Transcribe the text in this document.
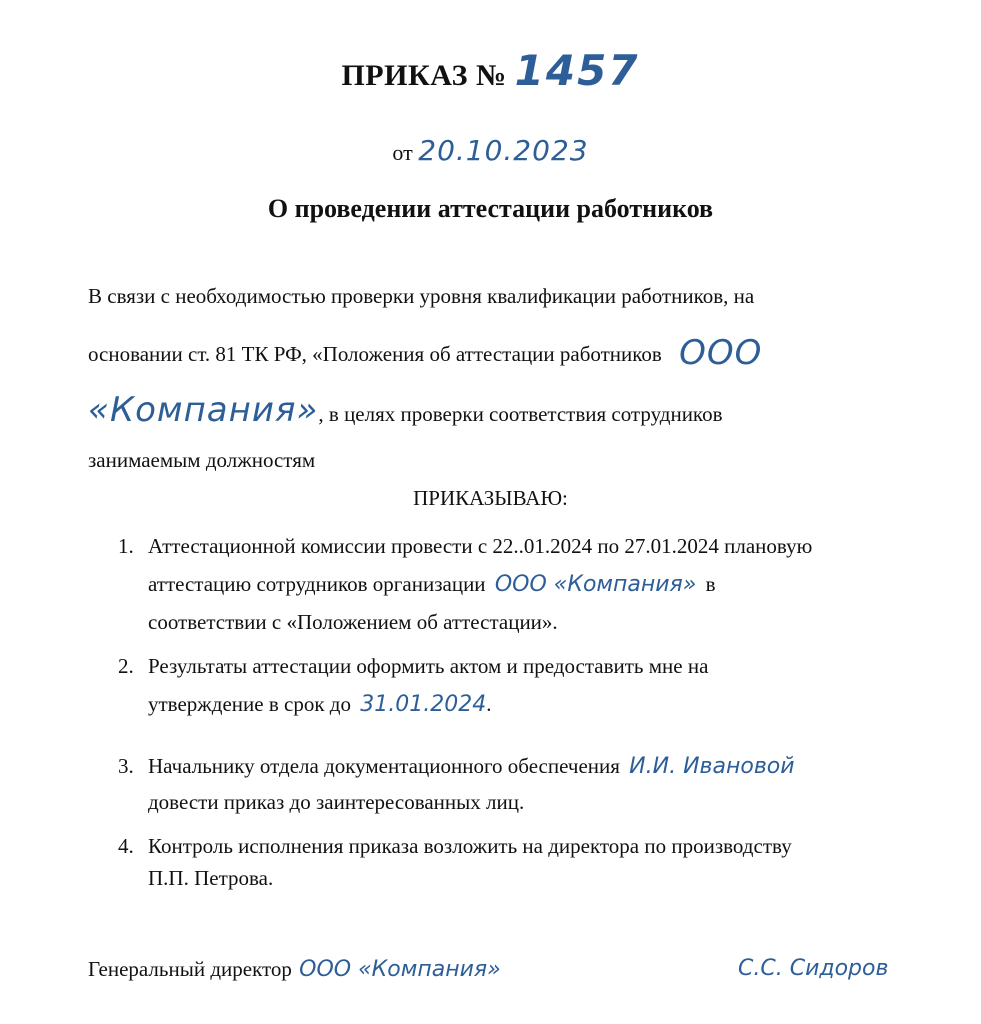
ПРИКАЗ № 1457
от 20.10.2023
О проведении аттестации работников
В связи с необходимостью проверки уровня квалификации работников, на
основании ст. 81 ТК РФ, «Положения об аттестации работников ООО
«Компания», в целях проверки соответствия сотрудников
занимаемым должностям
ПРИКАЗЫВАЮ:
1. Аттестационной комиссии провести с 22..01.2024 по 27.01.2024 плановую
аттестацию сотрудников организации ООО «Компания» в
соответствии с «Положением об аттестации».
2. Результаты аттестации оформить актом и предоставить мне на
утверждение в срок до 31.01.2024.
3. Начальнику отдела документационного обеспечения И.И. Ивановой
довести приказ до заинтересованных лиц.
4. Контроль исполнения приказа возложить на директора по производству
П.П. Петрова.
Генеральный директор ООО «Компания»	С.С. Сидоров
